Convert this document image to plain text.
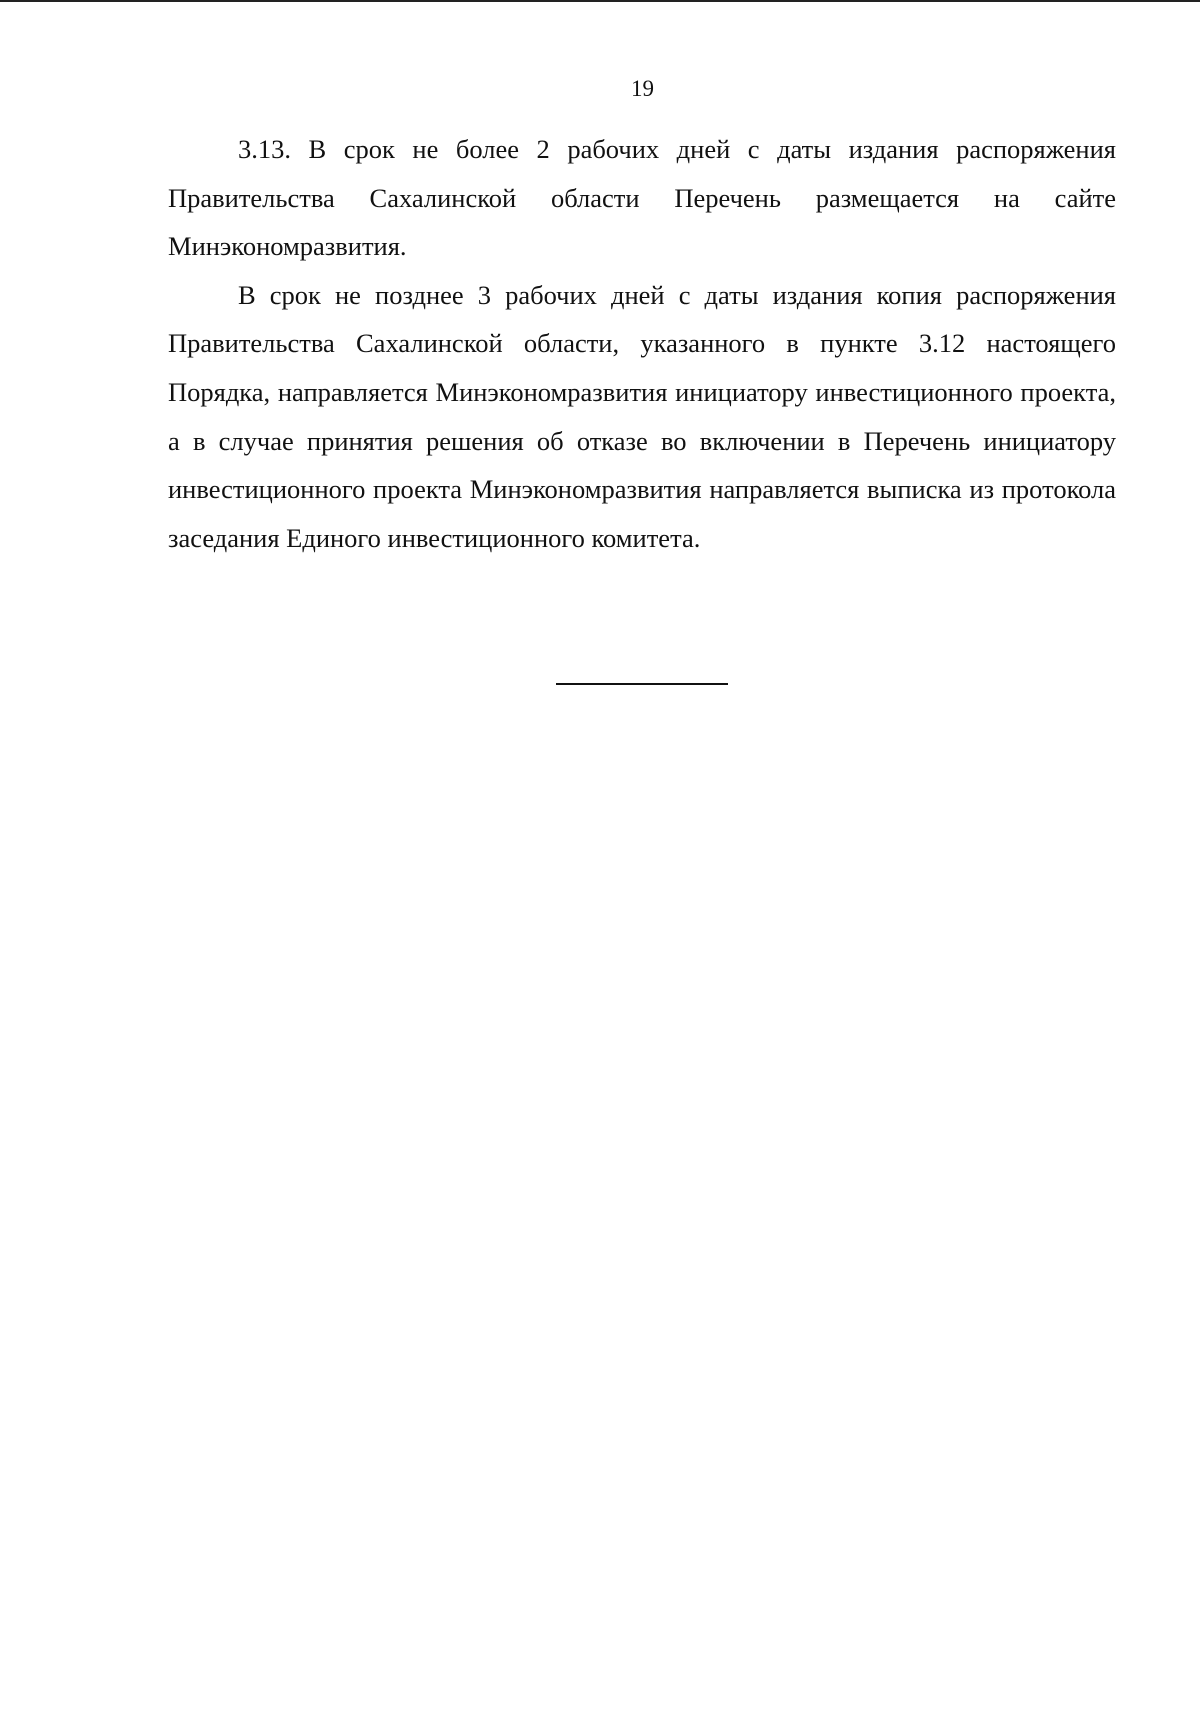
19

3.13. В срок не более 2 рабочих дней с даты издания распоряжения Правительства Сахалинской области Перечень размещается на сайте Минэкономразвития.

В срок не позднее 3 рабочих дней с даты издания копия распоряжения Правительства Сахалинской области, указанного в пункте 3.12 настоящего Порядка, направляется Минэкономразвития инициатору инвестиционного проекта, а в случае принятия решения об отказе во включении в Перечень инициатору инвестиционного проекта Минэкономразвития направляется выписка из протокола заседания Единого инвестиционного комитета.
